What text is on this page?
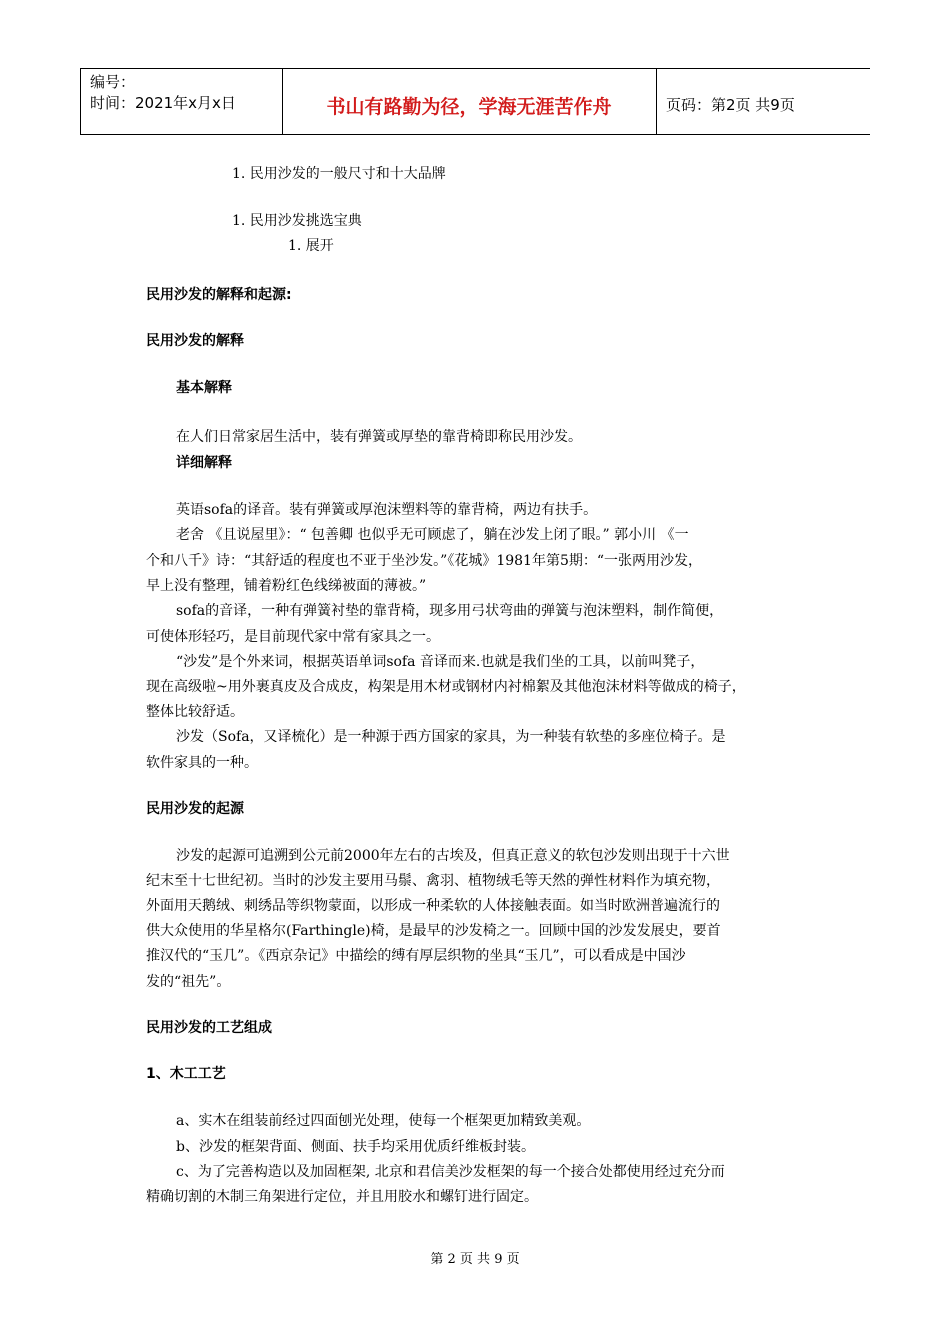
编号：
时间：2021年x月x日	书山有路勤为径，学海无涯苦作舟	页码：第2页 共9页
1. 民用沙发的一般尺寸和十大品牌
1. 民用沙发挑选宝典
1. 展开
民用沙发的解释和起源:
民用沙发的解释
基本解释
在人们日常家居生活中，装有弹簧或厚垫的靠背椅即称民用沙发。
详细解释
英语sofa的译音。装有弹簧或厚泡沫塑料等的靠背椅，两边有扶手。
老舍 《且说屋里》：“ 包善卿 也似乎无可顾虑了，躺在沙发上闭了眼。” 郭小川 《一
个和八千》诗：“其舒适的程度也不亚于坐沙发。”《花城》1981年第5期：“一张两用沙发，
早上没有整理，铺着粉红色线绨被面的薄被。”
sofa的音译，一种有弹簧衬垫的靠背椅，现多用弓状弯曲的弹簧与泡沫塑料，制作简便，
可使体形轻巧，是目前现代家中常有家具之一。
“沙发”是个外来词，根据英语单词sofa 音译而来.也就是我们坐的工具，以前叫凳子，
现在高级啦~用外裹真皮及合成皮，构架是用木材或钢材内衬棉絮及其他泡沫材料等做成的椅子，
整体比较舒适。
沙发（Sofa，又译梳化）是一种源于西方国家的家具，为一种装有软垫的多座位椅子。是
软件家具的一种。
民用沙发的起源
沙发的起源可追溯到公元前2000年左右的古埃及，但真正意义的软包沙发则出现于十六世
纪末至十七世纪初。当时的沙发主要用马鬃、禽羽、植物绒毛等天然的弹性材料作为填充物，
外面用天鹅绒、刺绣品等织物蒙面，以形成一种柔软的人体接触表面。如当时欧洲普遍流行的
供大众使用的华星格尔(Farthingle)椅，是最早的沙发椅之一。回顾中国的沙发发展史，要首
推汉代的“玉几”。《西京杂记》中描绘的缚有厚层织物的坐具“玉几”，可以看成是中国沙
发的“祖先”。
民用沙发的工艺组成
1、木工工艺
a、实木在组装前经过四面刨光处理，使每一个框架更加精致美观。
b、沙发的框架背面、侧面、扶手均采用优质纤维板封装。
c、为了完善构造以及加固框架, 北京和君信美沙发框架的每一个接合处都使用经过充分而
精确切割的木制三角架进行定位，并且用胶水和螺钉进行固定。
第 2 页 共 9 页
